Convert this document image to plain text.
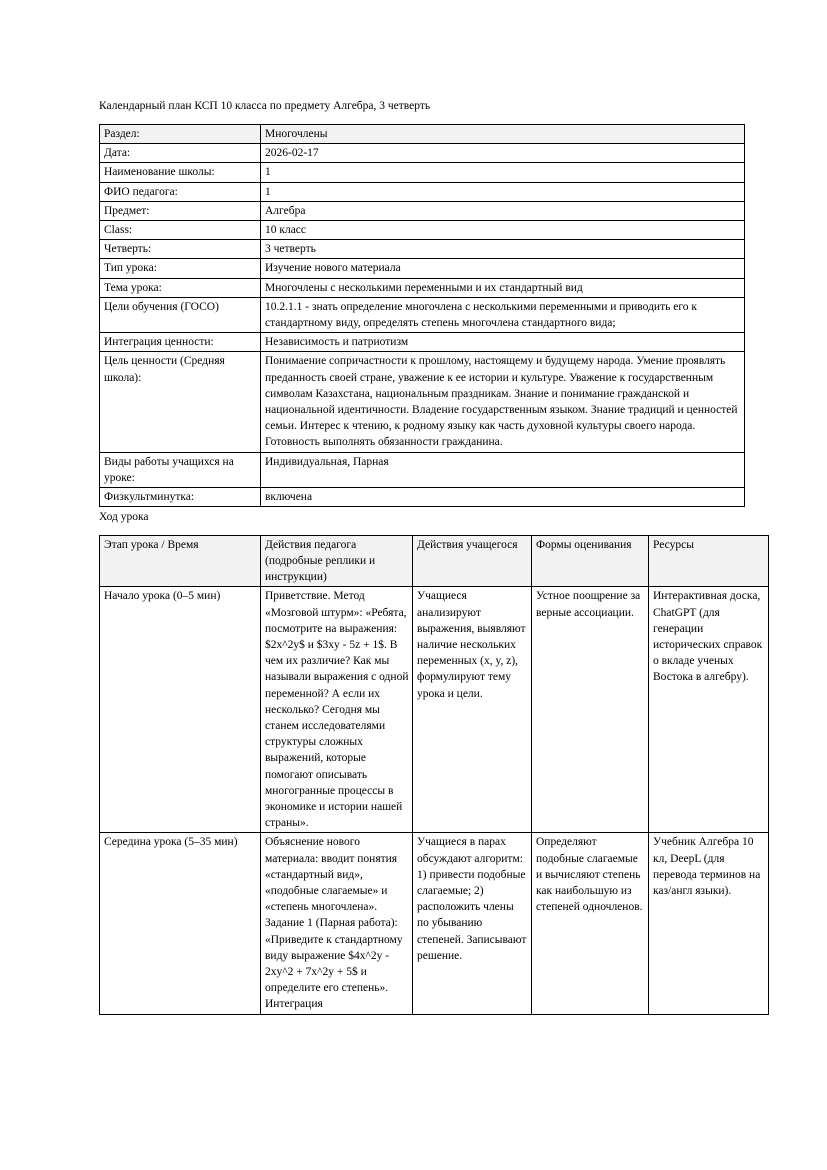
Календарный план КСП 10 класса по предмету Алгебра, 3 четверть

Раздел:	Многочлены
Дата:	2026-02-17
Наименование школы:	1
ФИО педагога:	1
Предмет:	Алгебра
Class:	10 класс
Четверть:	3 четверть
Тип урока:	Изучение нового материала
Тема урока:	Многочлены с несколькими переменными и их стандартный вид
Цели обучения (ГОСО)	10.2.1.1 - знать определение многочлена с несколькими переменными и приводить его к стандартному виду, определять степень многочлена стандартного вида;
Интеграция ценности:	Независимость и патриотизм
Цель ценности (Средняя школа):	Понимаение сопричастности к прошлому, настоящему и будущему народа. Умение проявлять преданность своей стране, уважение к ее истории и культуре. Уважение к государственным символам Казахстана, национальным праздникам. Знание и понимание гражданской и национальной идентичности. Владение государственным языком. Знание традиций и ценностей семьи. Интерес к чтению, к родному языку как часть духовной культуры своего народа. Готовность выполнять обязанности гражданина.
Виды работы учащихся на уроке:	Индивидуальная, Парная
Физкультминутка:	включена

Ход урока

Этап урока / Время	Действия педагога (подробные реплики и инструкции)	Действия учащегося	Формы оценивания	Ресурсы
Начало урока (0–5 мин)	Приветствие. Метод «Мозговой штурм»: «Ребята, посмотрите на выражения: $2x^2y$ и $3xy - 5z + 1$. В чем их различие? Как мы называли выражения с одной переменной? А если их несколько? Сегодня мы станем исследователями структуры сложных выражений, которые помогают описывать многогранные процессы в экономике и истории нашей страны».	Учащиеся анализируют выражения, выявляют наличие нескольких переменных (x, y, z), формулируют тему урока и цели.	Устное поощрение за верные ассоциации.	Интерактивная доска, ChatGPT (для генерации исторических справок о вкладе ученых Востока в алгебру).
Середина урока (5–35 мин)	Объяснение нового материала: вводит понятия «стандартный вид», «подобные слагаемые» и «степень многочлена». Задание 1 (Парная работа): «Приведите к стандартному виду выражение $4x^2y - 2xy^2 + 7x^2y + 5$ и определите его степень». Интеграция	Учащиеся в парах обсуждают алгоритм: 1) привести подобные слагаемые; 2) расположить члены по убыванию степеней. Записывают решение.	Определяют подобные слагаемые и вычисляют степень как наибольшую из степеней одночленов.	Учебник Алгебра 10 кл, DeepL (для перевода терминов на каз/англ языки).
